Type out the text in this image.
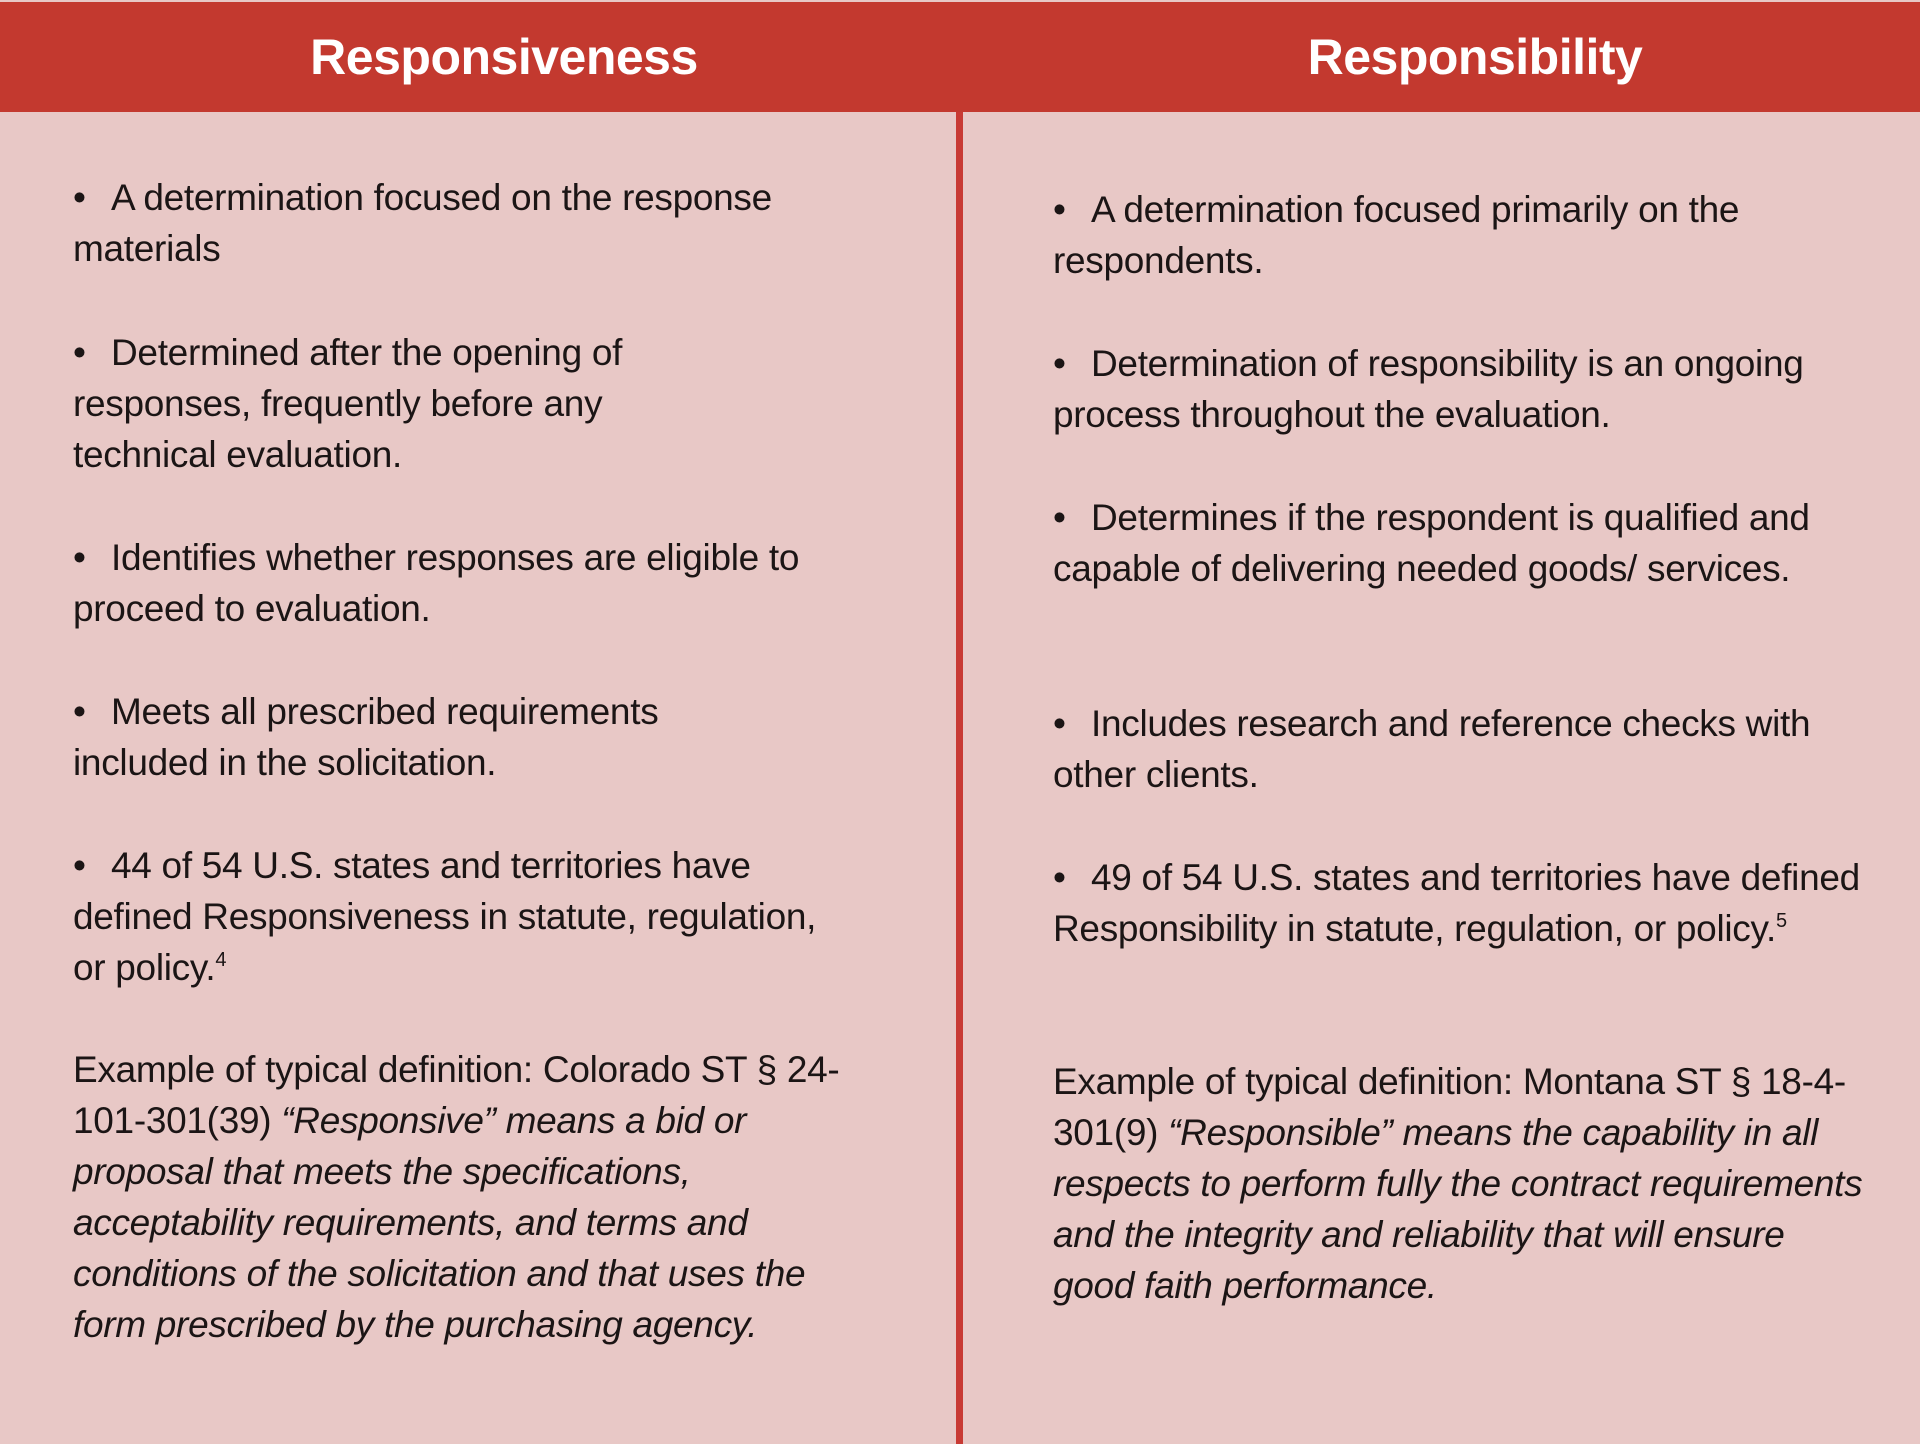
Responsiveness	Responsibility
• A determination focused on the response materials
• Determined after the opening of responses, frequently before any technical evaluation.
• Identifies whether responses are eligible to proceed to evaluation.
• Meets all prescribed requirements included in the solicitation.
• 44 of 54 U.S. states and territories have defined Responsiveness in statute, regulation, or policy.$^4$
Example of typical definition: Colorado ST § 24-101-301(39) “Responsive” means a bid or proposal that meets the specifications, acceptability requirements, and terms and conditions of the solicitation and that uses the form prescribed by the purchasing agency.
• A determination focused primarily on the respondents.
• Determination of responsibility is an ongoing process throughout the evaluation.
• Determines if the respondent is qualified and capable of delivering needed goods/ services.
• Includes research and reference checks with other clients.
• 49 of 54 U.S. states and territories have defined Responsibility in statute, regulation, or policy.$^5$
Example of typical definition: Montana ST § 18-4-301(9) “Responsible” means the capability in all respects to perform fully the contract requirements and the integrity and reliability that will ensure good faith performance.
